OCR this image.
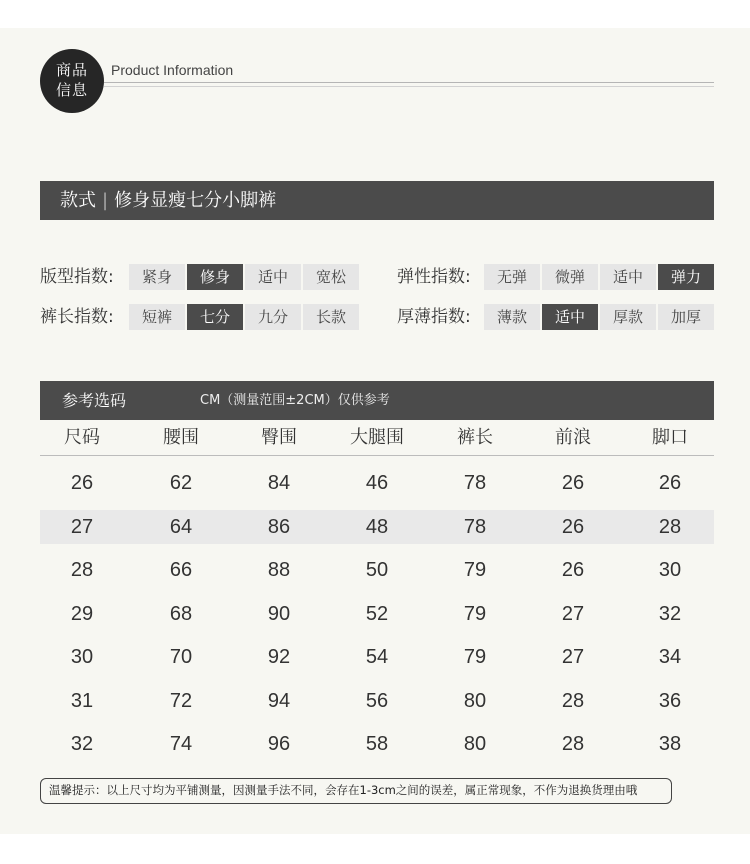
商品
信息
Product Information
款式 | 修身显瘦七分小脚裤
版型指数:	紧身	修身	适中	宽松	弹性指数:	无弹	微弹	适中	弹力
裤长指数:	短裤	七分	九分	长款	厚薄指数:	薄款	适中	厚款	加厚
参考选码	CM（测量范围±2CM）仅供参考
尺码	腰围	臀围	大腿围	裤长	前浪	脚口
26	62	84	46	78	26	26
27	64	86	48	78	26	28
28	66	88	50	79	26	30
29	68	90	52	79	27	32
30	70	92	54	79	27	34
31	72	94	56	80	28	36
32	74	96	58	80	28	38
温馨提示：以上尺寸均为平铺测量，因测量手法不同，会存在1-3cm之间的误差，属正常现象，不作为退换货理由哦
